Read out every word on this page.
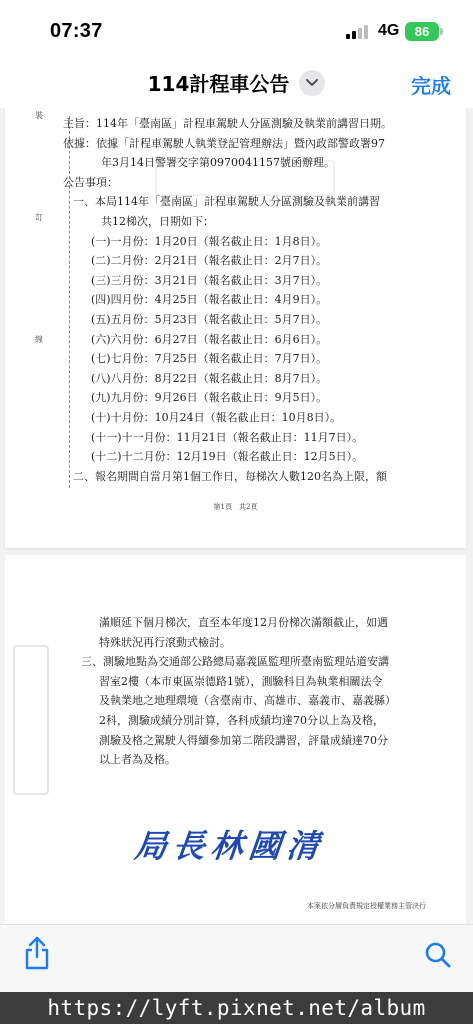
07:37	4G	86
114計程車公告	完成
裝
訂
線
主旨：114年「臺南區」計程車駕駛人分區測驗及執業前講習日期。
依據：依據「計程車駕駛人執業登記管理辦法」暨內政部警政署97
年3月14日警署交字第0970041157號函辦理。
公告事項：
一、本局114年「臺南區」計程車駕駛人分區測驗及執業前講習
共12梯次，日期如下：
(一)一月份：1月20日（報名截止日：1月8日）。
(二)二月份：2月21日（報名截止日：2月7日）。
(三)三月份：3月21日（報名截止日：3月7日）。
(四)四月份：4月25日（報名截止日：4月9日）。
(五)五月份：5月23日（報名截止日：5月7日）。
(六)六月份：6月27日（報名截止日：6月6日）。
(七)七月份：7月25日（報名截止日：7月7日）。
(八)八月份：8月22日（報名截止日：8月7日）。
(九)九月份：9月26日（報名截止日：9月5日）。
(十)十月份：10月24日（報名截止日：10月8日）。
(十一)十一月份：11月21日（報名截止日：11月7日）。
(十二)十二月份：12月19日（報名截止日：12月5日）。
二、報名期間自當月第1個工作日，每梯次人數120名為上限，額
第1頁　共2頁
滿順延下個月梯次，直至本年度12月份梯次滿額截止，如遇
特殊狀況再行滾動式檢討。
三、測驗地點為交通部公路總局嘉義區監理所臺南監理站道安講
習室2樓（本市東區崇德路1號），測驗科目為執業相關法令
及執業地之地理環境（含臺南市、高雄市、嘉義市、嘉義縣）
2科，測驗成績分別計算，各科成績均達70分以上為及格，
測驗及格之駕駛人得續參加第二階段講習，評量成績達70分
以上者為及格。
局長林國清
本案依分層負責規定授權業務主管決行
https://lyft.pixnet.net/album
